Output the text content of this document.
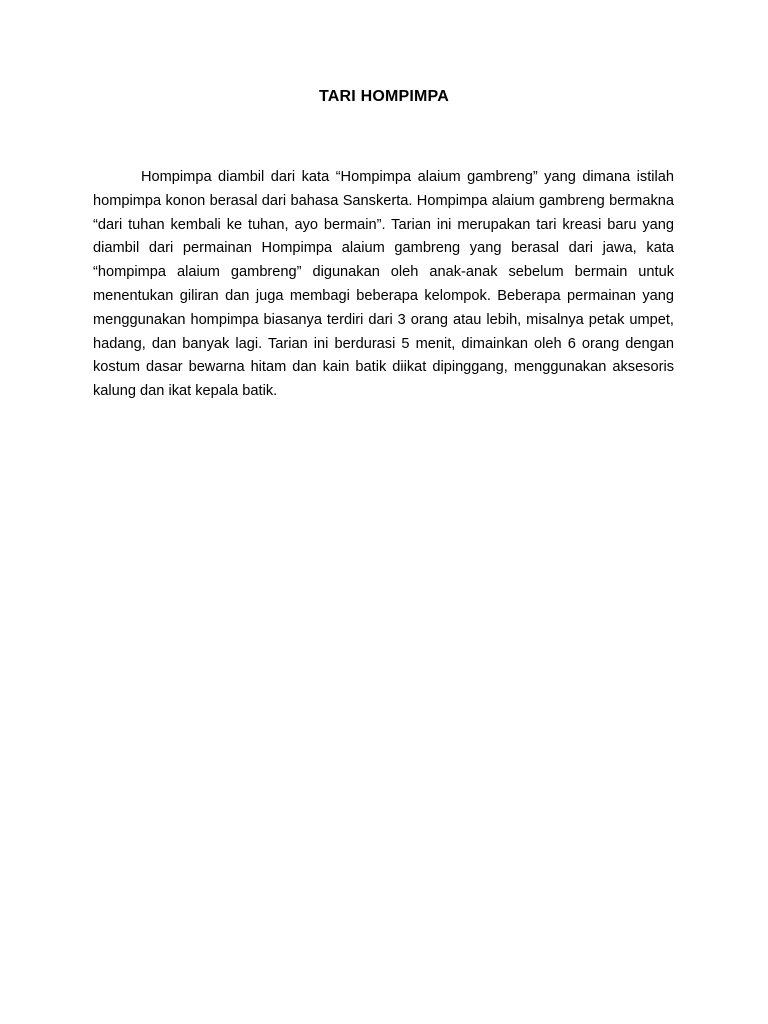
TARI HOMPIMPA

Hompimpa diambil dari kata “Hompimpa alaium gambreng” yang dimana istilah hompimpa konon berasal dari bahasa Sanskerta. Hompimpa alaium gambreng bermakna “dari tuhan kembali ke tuhan, ayo bermain”. Tarian ini merupakan tari kreasi baru yang diambil dari permainan Hompimpa alaium gambreng yang berasal dari jawa, kata “hompimpa alaium gambreng” digunakan oleh anak-anak sebelum bermain untuk menentukan giliran dan juga membagi beberapa kelompok. Beberapa permainan yang menggunakan hompimpa biasanya terdiri dari 3 orang atau lebih, misalnya petak umpet, hadang, dan banyak lagi. Tarian ini berdurasi 5 menit, dimainkan oleh 6 orang dengan kostum dasar bewarna hitam dan kain batik diikat dipinggang, menggunakan aksesoris kalung dan ikat kepala batik.
